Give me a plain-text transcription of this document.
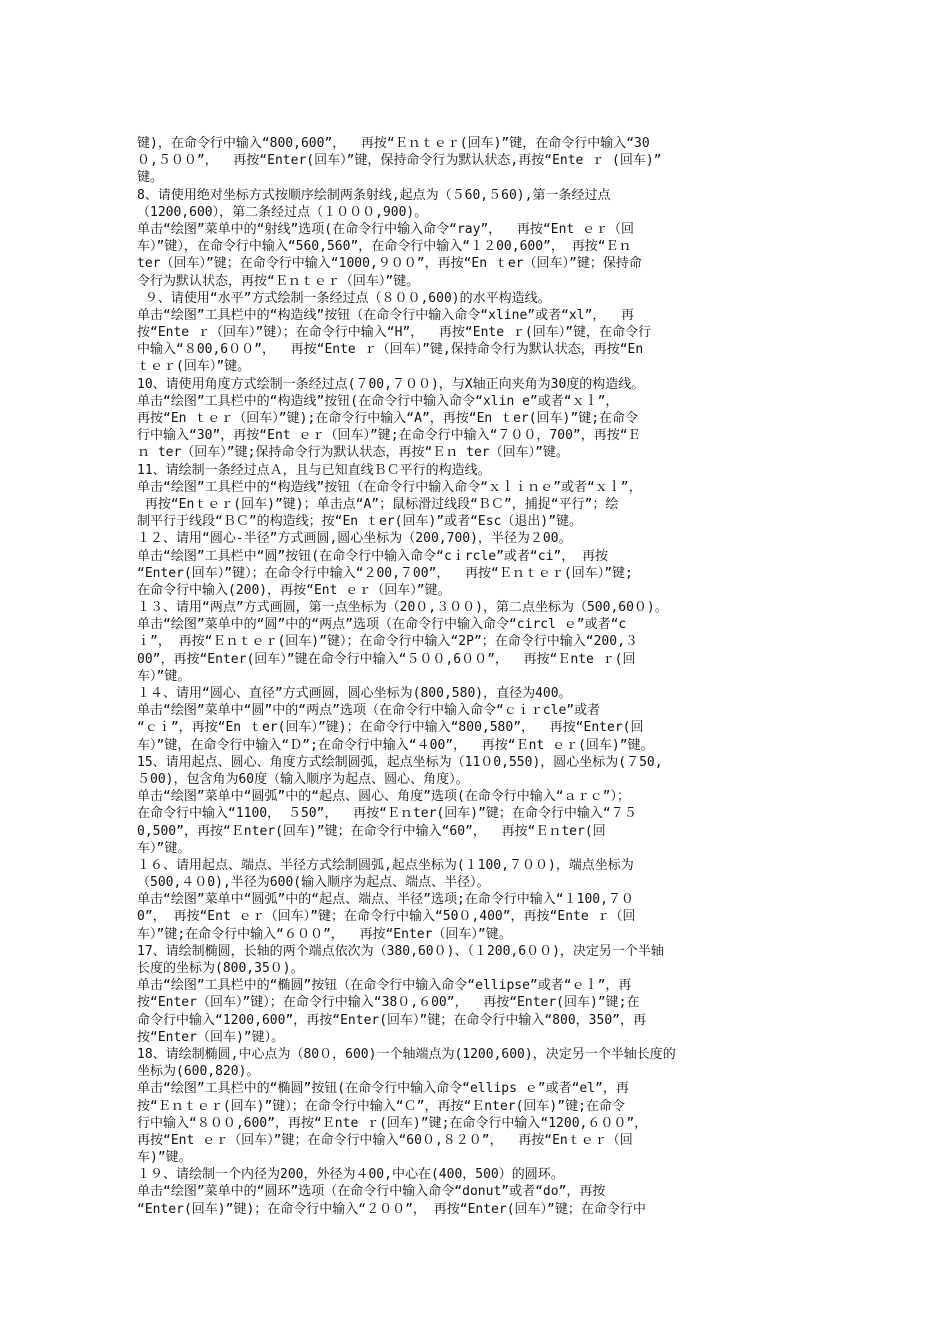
键)，在命令行中输入“800,600”，  再按“Ｅｎｔｅｒ(回车)”键，在命令行中输入“30
０,５００”，  再按“Enter(回车）”键，保持命令行为默认状态,再按“Ente ｒ (回车)”
键。
8、请使用绝对坐标方式按顺序绘制两条射线,起点为（５60,５60),第一条经过点
（1200,600），第二条经过点（１０００,900)。
单击“绘图”菜单中的“射线”选项(在命令行中输入命令“ray”，  再按“Ent ｅｒ（回
车）”键），在命令行中输入“560,560”，在命令行中输入“１２00,600”， 再按“Ｅｎ
ter（回车）”键；在命令行中输入“1000,９００”，再按“En ｔer（回车）”键；保持命
令行为默认状态，再按“Ｅｎｔｅｒ（回车）”键。
９、请使用“水平”方式绘制一条经过点（８００,600)的水平构造线。
单击“绘图”工具栏中的“构造线”按钮（在命令行中输入命令“xline”或者“xl”，  再
按“Ente ｒ（回车）”键）；在命令行中输入“H”，  再按“Ente ｒ(回车）”键，在命令行
中输入“８00,6００”，  再按“Ente ｒ（回车）”键,保持命令行为默认状态，再按“En
ｔｅｒ(回车）”键。
10、请使用角度方式绘制一条经过点(７00,７００)，与X轴正向夹角为30度的构造线。
单击“绘图”工具栏中的“构造线”按钮(在命令行中输入命令“xlin e”或者“ｘｌ”，
再按“En ｔｅｒ（回车）”键);在命令行中输入“A”，再按“En ｔer(回车)”键;在命令
行中输入“30”，再按“Ent ｅｒ（回车）”键;在命令行中输入“７００，700”，再按“Ｅ
ｎ ter（回车）”键;保持命令行为默认状态，再按“Ｅｎ ter（回车）”键。
11、请绘制一条经过点Ａ，且与已知直线ＢＣ平行的构造线。
单击“绘图”工具栏中的“构造线”按钮（在命令行中输入命令“ｘｌｉｎｅ”或者“ｘｌ”，
再按“Enｔｅｒ(回车)”键)；单击点“A”；鼠标滑过线段“ＢＣ”，捕捉“平行”；绘
制平行于线段“ＢＣ”的构造线；按“En ｔer(回车)”或者“Esc（退出)”键。
１２、请用“圆心-半径”方式画圆,圆心坐标为（200,700)，半径为２00。
单击“绘图”工具栏中“圆”按钮(在命令行中输入命令“cｉrcle”或者“ci”， 再按
“Enter(回车）”键）；在命令行中输入“２00,７00”，  再按“Ｅｎｔｅｒ(回车）”键;
在命令行中输入(200)，再按“Ent ｅｒ（回车）”键。
１３、请用“两点”方式画圆，第一点坐标为（20０,３００)，第二点坐标为（500,60０)。
单击“绘图”菜单中的“圆”中的“两点”选项（在命令行中输入命令“circl ｅ”或者“c
ｉ”， 再按“Ｅｎｔｅｒ(回车)”键）；在命令行中输入“2P”；在命令行中输入“200,３
00”，再按“Enter(回车）”键在命令行中输入“５００,6００”，  再按“Ｅnte ｒ(回
车）”键。
１４、请用“圆心、直径”方式画圆，圆心坐标为(800,580)，直径为400。
单击“绘图”菜单中“圆”中的“两点”选项（在命令行中输入命令“ｃｉｒcle”或者
“ｃｉ”，再按“En ｔer(回车）”键)；在命令行中输入“800,580”，  再按“Enter(回
车）”键，在命令行中输入“Ｄ”;在命令行中输入“４00”，  再按“Ｅnt ｅｒ(回车)”键。
15、请用起点、圆心、角度方式绘制圆弧，起点坐标为（11０0,550)，圆心坐标为(７50,
５00)，包含角为60度（输入顺序为起点、圆心、角度）。
单击“绘图”菜单中“圆弧”中的“起点、圆心、角度”选项(在命令行中输入“ａｒｃ”）；
在命令行中输入“1100， ５50”，  再按“Ｅｎter(回车)”键；在命令行中输入“７５
0,500”，再按“Ｅnter(回车)”键；在命令行中输入“60”，  再按“Ｅｎter(回
车）”键。
１６、请用起点、端点、半径方式绘制圆弧,起点坐标为(１100,７００)，端点坐标为
（500,４０0),半径为600(输入顺序为起点、端点、半径）。
单击“绘图”菜单中“圆弧”中的“起点、端点、半径”选项;在命令行中输入“１100,７０
0”， 再按“Ent ｅｒ（回车）”键；在命令行中输入“50０,400”，再按“Ente ｒ（回
车）”键;在命令行中输入“６００”，  再按“Enter（回车）”键。
17、请绘制椭圆，长轴的两个端点依次为（380,60０)、（１200,6００)，决定另一个半轴
长度的坐标为(800,35０)。
单击“绘图”工具栏中的“椭圆”按钮（在命令行中输入命令“ellipse”或者“ｅｌ”，再
按“Enter（回车）”键）；在命令行中输入“38０,６00”，  再按“Enter(回车)”键;在
命令行中输入“1200,600”，再按“Enter(回车）”键；在命令行中输入“800，350”，再
按“Enter（回车)”键）。
18、请绘制椭圆,中心点为（80０，600)一个轴端点为(1200,600)，决定另一个半轴长度的
坐标为(600,820)。
单击“绘图”工具栏中的“椭圆”按钮(在命令行中输入命令“ellips ｅ”或者“el”，再
按“Ｅｎｔｅｒ(回车)”键）；在命令行中输入“Ｃ”，再按“Ｅnter(回车)”键;在命令
行中输入“８００,600”，再按“Ｅnte ｒ(回车)”键;在命令行中输入“1200,６００”，
再按“Ent ｅｒ（回车）”键；在命令行中输入“60０,８２０”，  再按“Enｔｅｒ（回
车)”键。
１９、请绘制一个内径为200，外径为４00,中心在(400，500）的圆环。
单击“绘图”菜单中的“圆环”选项（在命令行中输入命令“donut”或者“do”，再按
“Enter(回车)”键)；在命令行中输入“２００”， 再按“Enter(回车）”键；在命令行中
